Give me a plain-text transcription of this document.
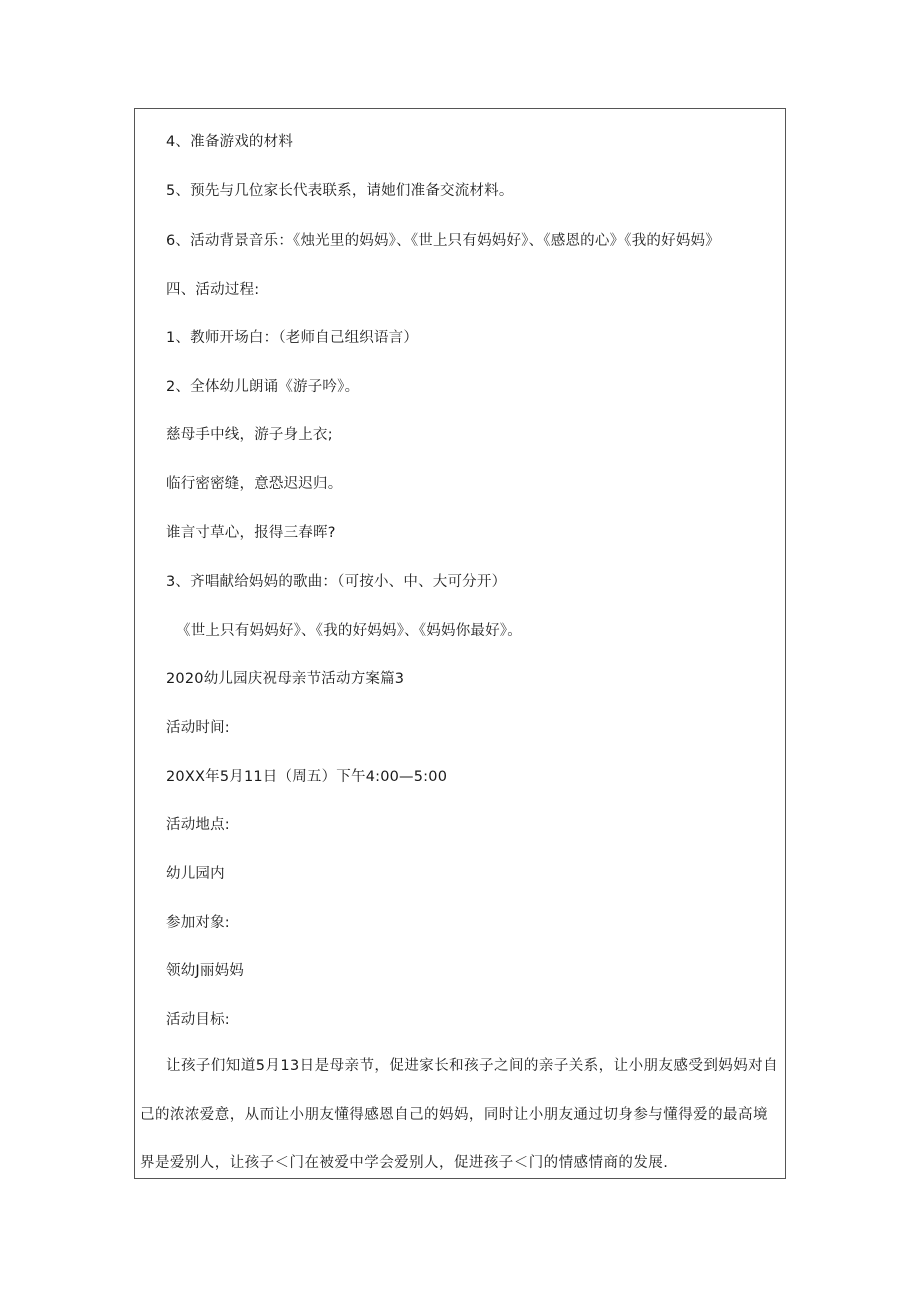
4、准备游戏的材料
5、预先与几位家长代表联系，请她们准备交流材料。
6、活动背景音乐：《烛光里的妈妈》、《世上只有妈妈好》、《感恩的心》《我的好妈妈》
四、活动过程:
1、教师开场白：（老师自己组织语言）
2、全体幼儿朗诵《游子吟》。
慈母手中线，游子身上衣;
临行密密缝，意恐迟迟归。
谁言寸草心，报得三春晖?
3、齐唱献给妈妈的歌曲：（可按小、中、大可分开）
《世上只有妈妈好》、《我的好妈妈》、《妈妈你最好》。
2020幼儿园庆祝母亲节活动方案篇3
活动时间:
20XX年5月11日（周五）下午4:00—5:00
活动地点:
幼儿园内
参加对象:
领幼J丽妈妈
活动目标:
让孩子们知道5月13日是母亲节，促进家长和孩子之间的亲子关系，让小朋友感受到妈妈对自己的浓浓爱意，从而让小朋友懂得感恩自己的妈妈，同时让小朋友通过切身参与懂得爱的最高境界是爱别人，让孩子＜门在被爱中学会爱别人，促进孩子＜门的情感情商的发展.
